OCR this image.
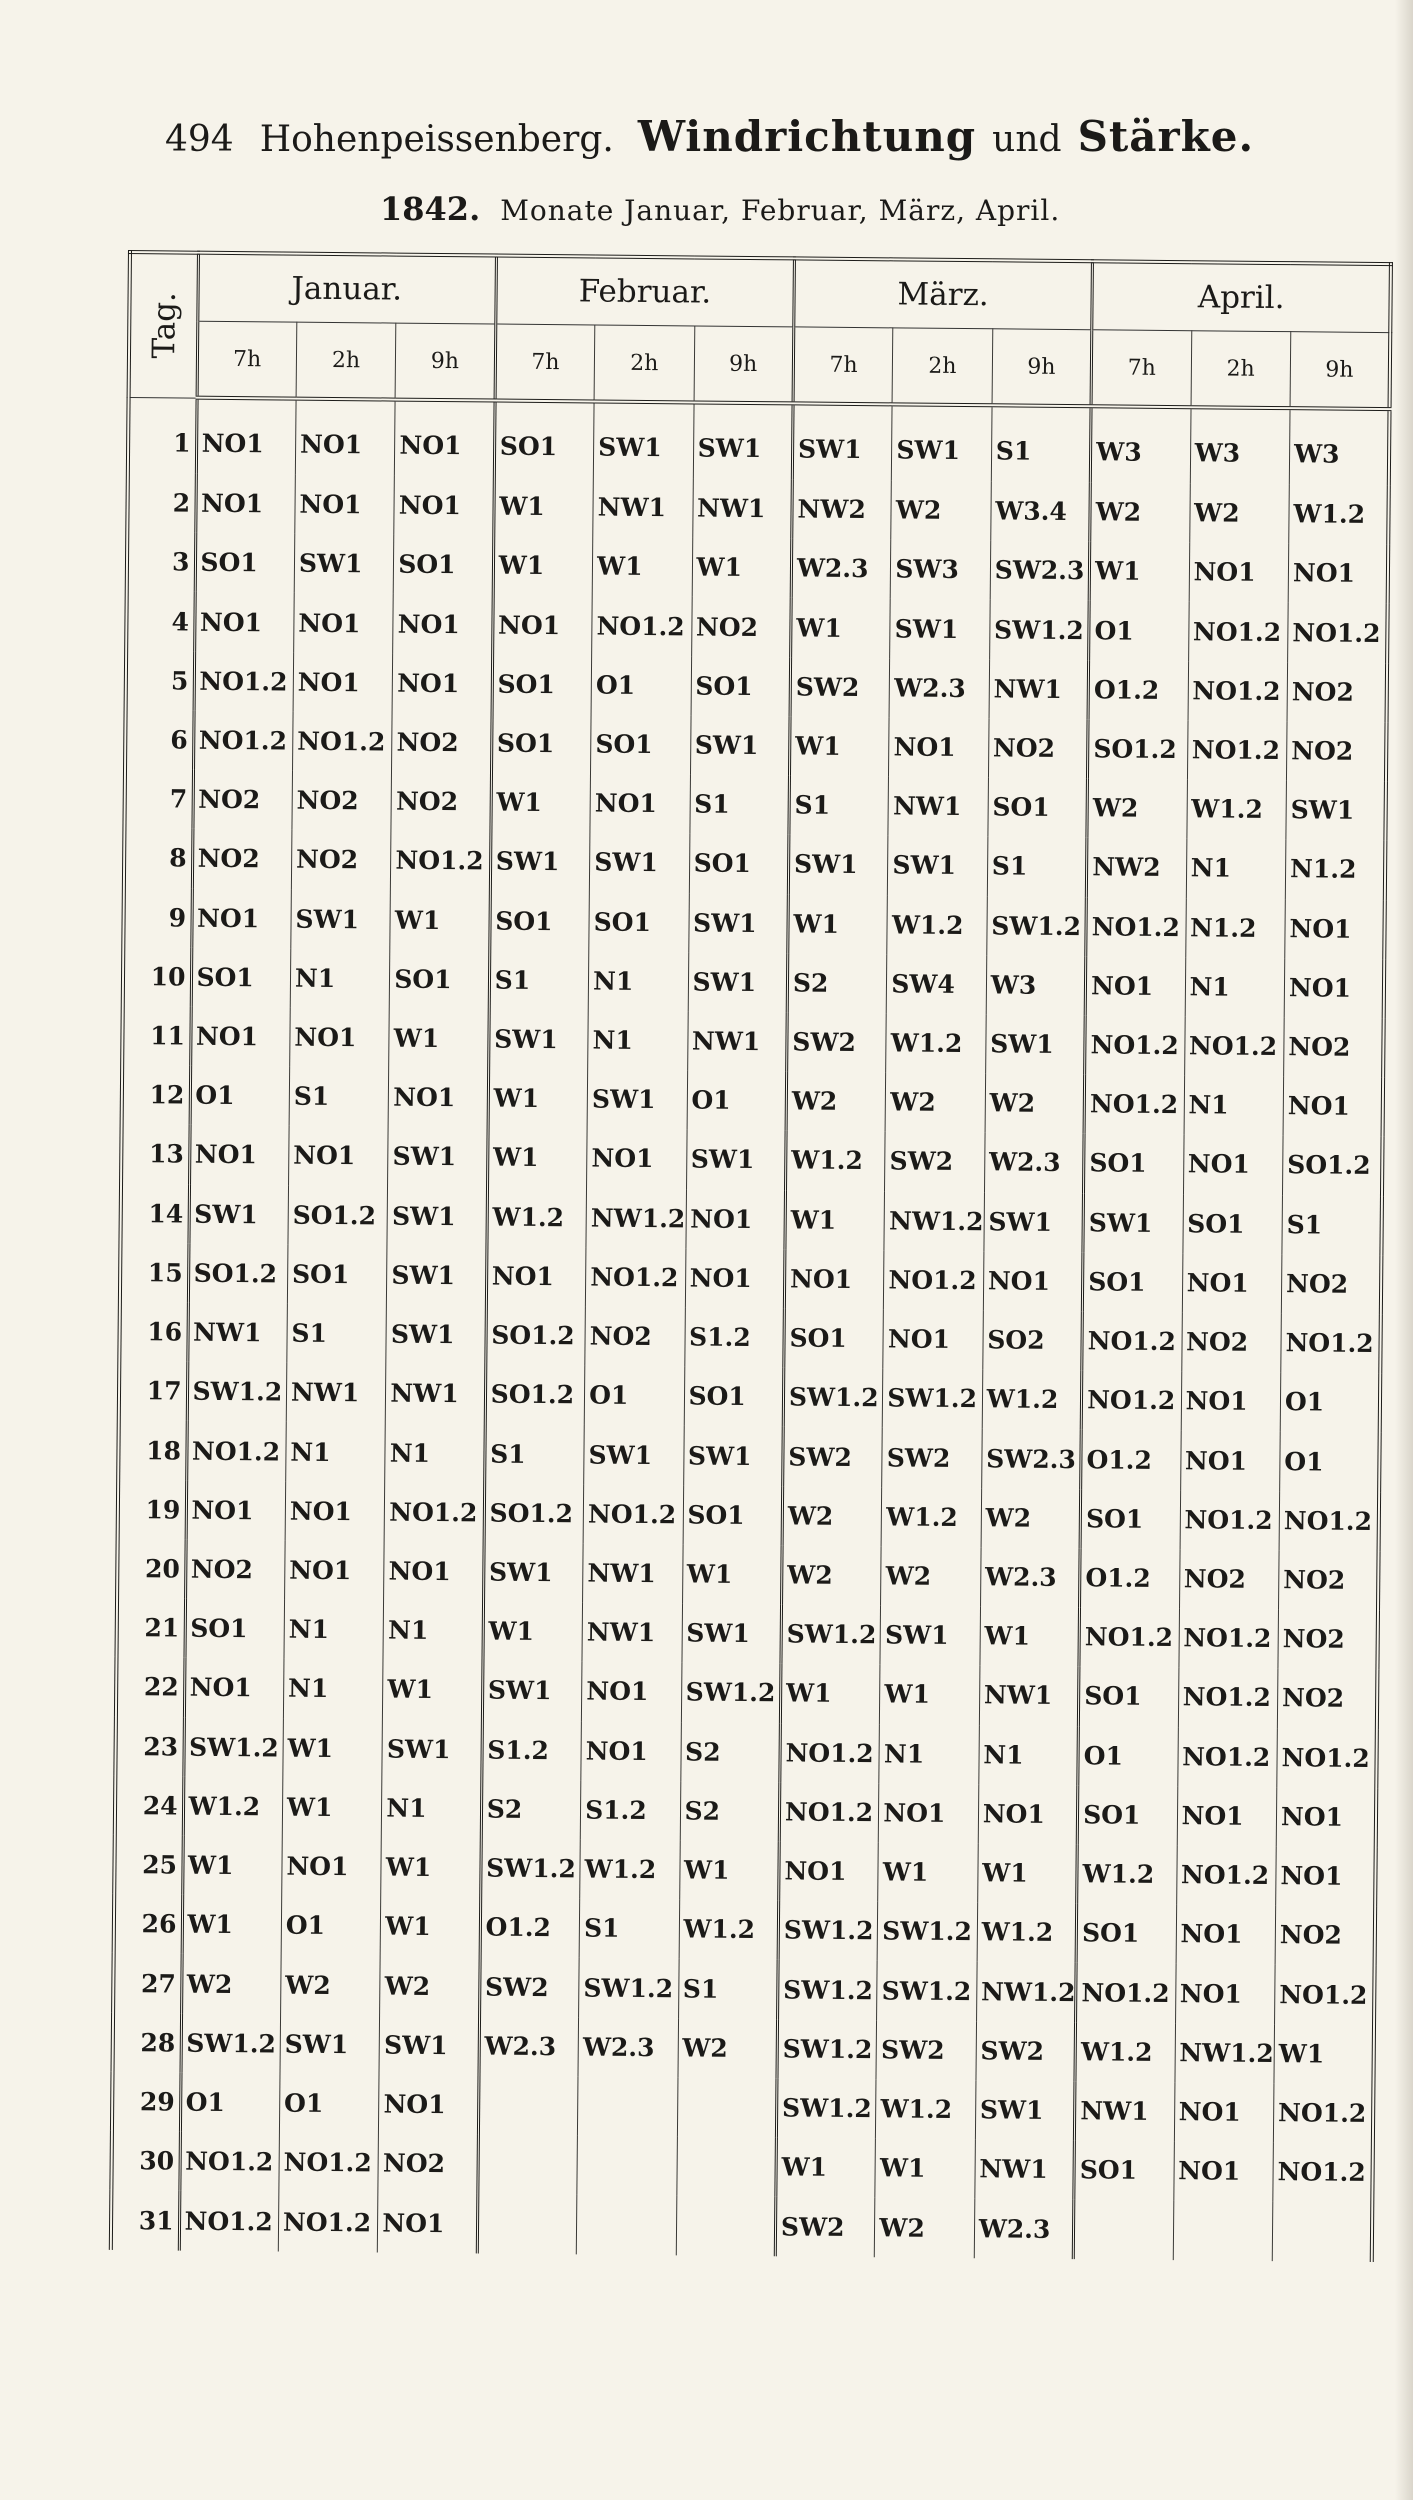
494 Hohenpeissenberg. Windrichtung und Stärke.
1842. Monate Januar, Februar, März, April.
Tag.	Januar.			Februar.			März.			April.		
	7h	2h	9h	7h	2h	9h	7h	2h	9h	7h	2h	9h
1	NO1	NO1	NO1	SO1	SW1	SW1	SW1	SW1	S1	W3	W3	W3
2	NO1	NO1	NO1	W1	NW1	NW1	NW2	W2	W3.4	W2	W2	W1.2
3	SO1	SW1	SO1	W1	W1	W1	W2.3	SW3	SW2.3	W1	NO1	NO1
4	NO1	NO1	NO1	NO1	NO1.2	NO2	W1	SW1	SW1.2	O1	NO1.2	NO1.2
5	NO1.2	NO1	NO1	SO1	O1	SO1	SW2	W2.3	NW1	O1.2	NO1.2	NO2
6	NO1.2	NO1.2	NO2	SO1	SO1	SW1	W1	NO1	NO2	SO1.2	NO1.2	NO2
7	NO2	NO2	NO2	W1	NO1	S1	S1	NW1	SO1	W2	W1.2	SW1
8	NO2	NO2	NO1.2	SW1	SW1	SO1	SW1	SW1	S1	NW2	N1	N1.2
9	NO1	SW1	W1	SO1	SO1	SW1	W1	W1.2	SW1.2	NO1.2	N1.2	NO1
10	SO1	N1	SO1	S1	N1	SW1	S2	SW4	W3	NO1	N1	NO1
11	NO1	NO1	W1	SW1	N1	NW1	SW2	W1.2	SW1	NO1.2	NO1.2	NO2
12	O1	S1	NO1	W1	SW1	O1	W2	W2	W2	NO1.2	N1	NO1
13	NO1	NO1	SW1	W1	NO1	SW1	W1.2	SW2	W2.3	SO1	NO1	SO1.2
14	SW1	SO1.2	SW1	W1.2	NW1.2	NO1	W1	NW1.2	SW1	SW1	SO1	S1
15	SO1.2	SO1	SW1	NO1	NO1.2	NO1	NO1	NO1.2	NO1	SO1	NO1	NO2
16	NW1	S1	SW1	SO1.2	NO2	S1.2	SO1	NO1	SO2	NO1.2	NO2	NO1.2
17	SW1.2	NW1	NW1	SO1.2	O1	SO1	SW1.2	SW1.2	W1.2	NO1.2	NO1	O1
18	NO1.2	N1	N1	S1	SW1	SW1	SW2	SW2	SW2.3	O1.2	NO1	O1
19	NO1	NO1	NO1.2	SO1.2	NO1.2	SO1	W2	W1.2	W2	SO1	NO1.2	NO1.2
20	NO2	NO1	NO1	SW1	NW1	W1	W2	W2	W2.3	O1.2	NO2	NO2
21	SO1	N1	N1	W1	NW1	SW1	SW1.2	SW1	W1	NO1.2	NO1.2	NO2
22	NO1	N1	W1	SW1	NO1	SW1.2	W1	W1	NW1	SO1	NO1.2	NO2
23	SW1.2	W1	SW1	S1.2	NO1	S2	NO1.2	N1	N1	O1	NO1.2	NO1.2
24	W1.2	W1	N1	S2	S1.2	S2	NO1.2	NO1	NO1	SO1	NO1	NO1
25	W1	NO1	W1	SW1.2	W1.2	W1	NO1	W1	W1	W1.2	NO1.2	NO1
26	W1	O1	W1	O1.2	S1	W1.2	SW1.2	SW1.2	W1.2	SO1	NO1	NO2
27	W2	W2	W2	SW2	SW1.2	S1	SW1.2	SW1.2	NW1.2	NO1.2	NO1	NO1.2
28	SW1.2	SW1	SW1	W2.3	W2.3	W2	SW1.2	SW2	SW2	W1.2	NW1.2	W1
29	O1	O1	NO1				SW1.2	W1.2	SW1	NW1	NO1	NO1.2
30	NO1.2	NO1.2	NO2				W1	W1	NW1	SO1	NO1	NO1.2
31	NO1.2	NO1.2	NO1				SW2	W2	W2.3			
